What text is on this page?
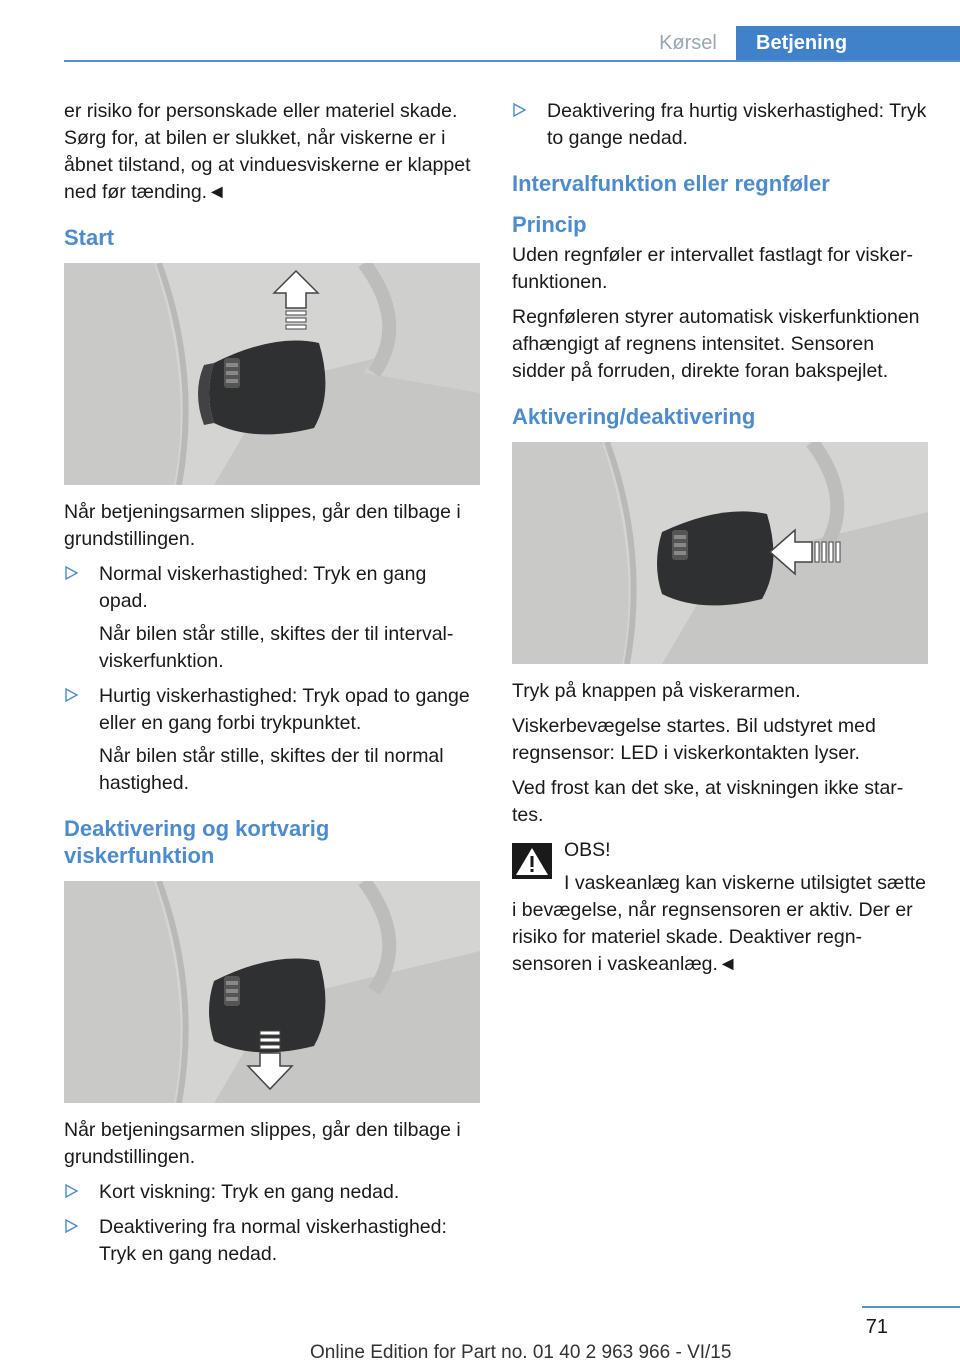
Kørsel	Betjening

er risiko for personskade eller materiel skade. Sørg for, at bilen er slukket, når viskerne er i åbnet tilstand, og at vinduesviskerne er klappet ned før tænding.◄

Start

Når betjeningsarmen slippes, går den tilbage i grundstillingen.

Normal viskerhastighed: Tryk en gang opad.

Når bilen står stille, skiftes der til intervalviskerfunktion.

Hurtig viskerhastighed: Tryk opad to gange eller en gang forbi trykpunktet.

Når bilen står stille, skiftes der til normal hastighed.

Deaktivering og kortvarig viskerfunktion

Når betjeningsarmen slippes, går den tilbage i grundstillingen.

Kort viskning: Tryk en gang nedad.

Deaktivering fra normal viskerhastighed: Tryk en gang nedad.

Deaktivering fra hurtig viskerhastighed: Tryk to gange nedad.

Intervalfunktion eller regnføler
Princip

Uden regnføler er intervallet fastlagt for viskerfunktionen.

Regnføleren styrer automatisk viskerfunktionen afhængigt af regnens intensitet. Sensoren sidder på forruden, direkte foran bakspejlet.

Aktivering/deaktivering

Tryk på knappen på viskerarmen.

Viskerbevægelse startes. Bil udstyret med regnsensor: LED i viskerkontakten lyser.

Ved frost kan det ske, at viskningen ikke startes.

OBS!

I vaskeanlæg kan viskerne utilsigtet sætte i bevægelse, når regnsensoren er aktiv. Der er risiko for materiel skade. Deaktiver regnsensoren i vaskeanlæg.◄

71
Online Edition for Part no. 01 40 2 963 966 - VI/15
